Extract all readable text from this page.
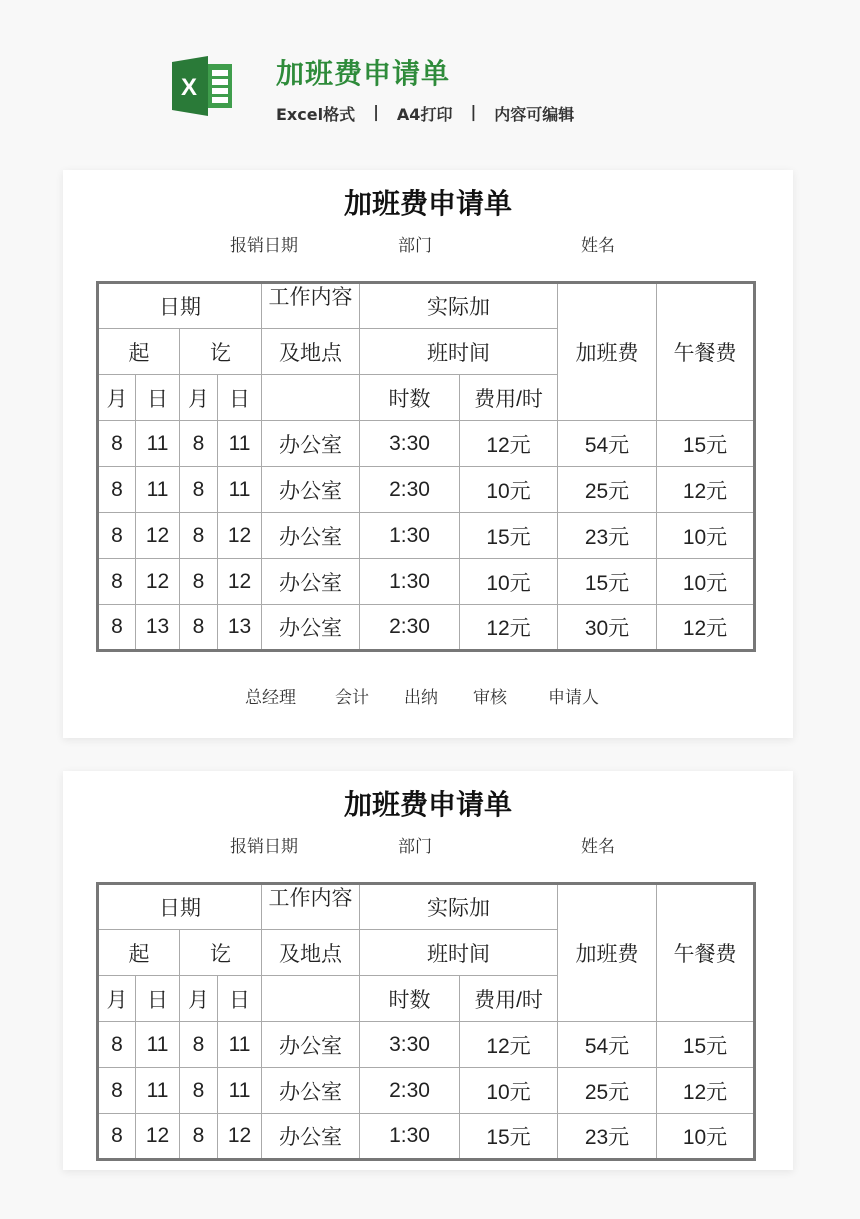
X	加班费申请单
Excel格式 | A4打印 | 内容可编辑
加班费申请单
报销日期	部门	姓名
日期				工作内容	实际加		加班费	午餐费
起		讫		及地点	班时间			
月	日	月	日		时数	费用/时		
8	11	8	11	办公室	3:30	12元	54元	15元
8	11	8	11	办公室	2:30	10元	25元	12元
8	12	8	12	办公室	1:30	15元	23元	10元
8	12	8	12	办公室	1:30	10元	15元	10元
8	13	8	13	办公室	2:30	12元	30元	12元
总经理 会计 出纳 审核 申请人
加班费申请单
报销日期	部门	姓名
日期				工作内容	实际加		加班费	午餐费
起		讫		及地点	班时间			
月	日	月	日		时数	费用/时		
8	11	8	11	办公室	3:30	12元	54元	15元
8	11	8	11	办公室	2:30	10元	25元	12元
8	12	8	12	办公室	1:30	15元	23元	10元
